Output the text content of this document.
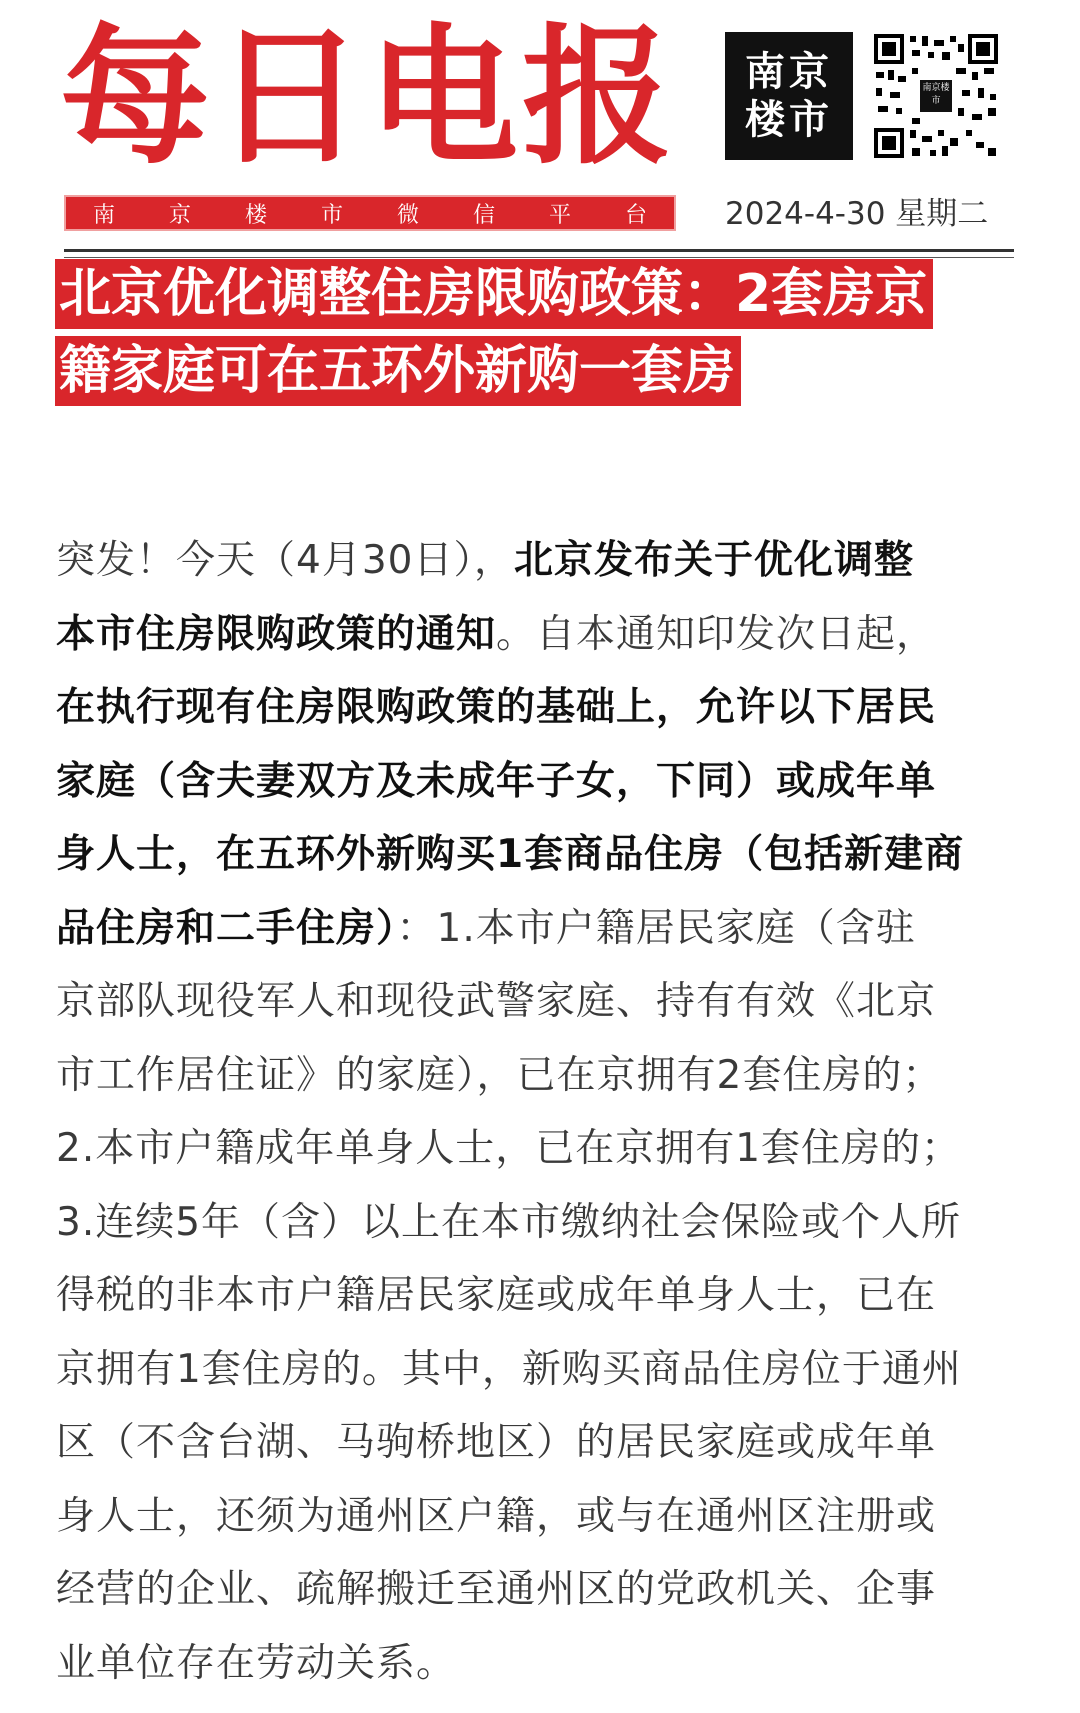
每日电报
南 京 楼 市 微 信 平 台
南京
楼市
南京楼市
2024-4-30 星期二
北京优化调整住房限购政策：2套房京
籍家庭可在五环外新购一套房
突发！今天（4月30日），北京发布关于优化调整
本市住房限购政策的通知。自本通知印发次日起，
在执行现有住房限购政策的基础上，允许以下居民
家庭（含夫妻双方及未成年子女，下同）或成年单
身人士，在五环外新购买1套商品住房（包括新建商
品住房和二手住房）：1.本市户籍居民家庭（含驻
京部队现役军人和现役武警家庭、持有有效《北京
市工作居住证》的家庭），已在京拥有2套住房的；
2.本市户籍成年单身人士，已在京拥有1套住房的；
3.连续5年（含）以上在本市缴纳社会保险或个人所
得税的非本市户籍居民家庭或成年单身人士，已在
京拥有1套住房的。其中，新购买商品住房位于通州
区（不含台湖、马驹桥地区）的居民家庭或成年单
身人士，还须为通州区户籍，或与在通州区注册或
经营的企业、疏解搬迁至通州区的党政机关、企事
业单位存在劳动关系。
